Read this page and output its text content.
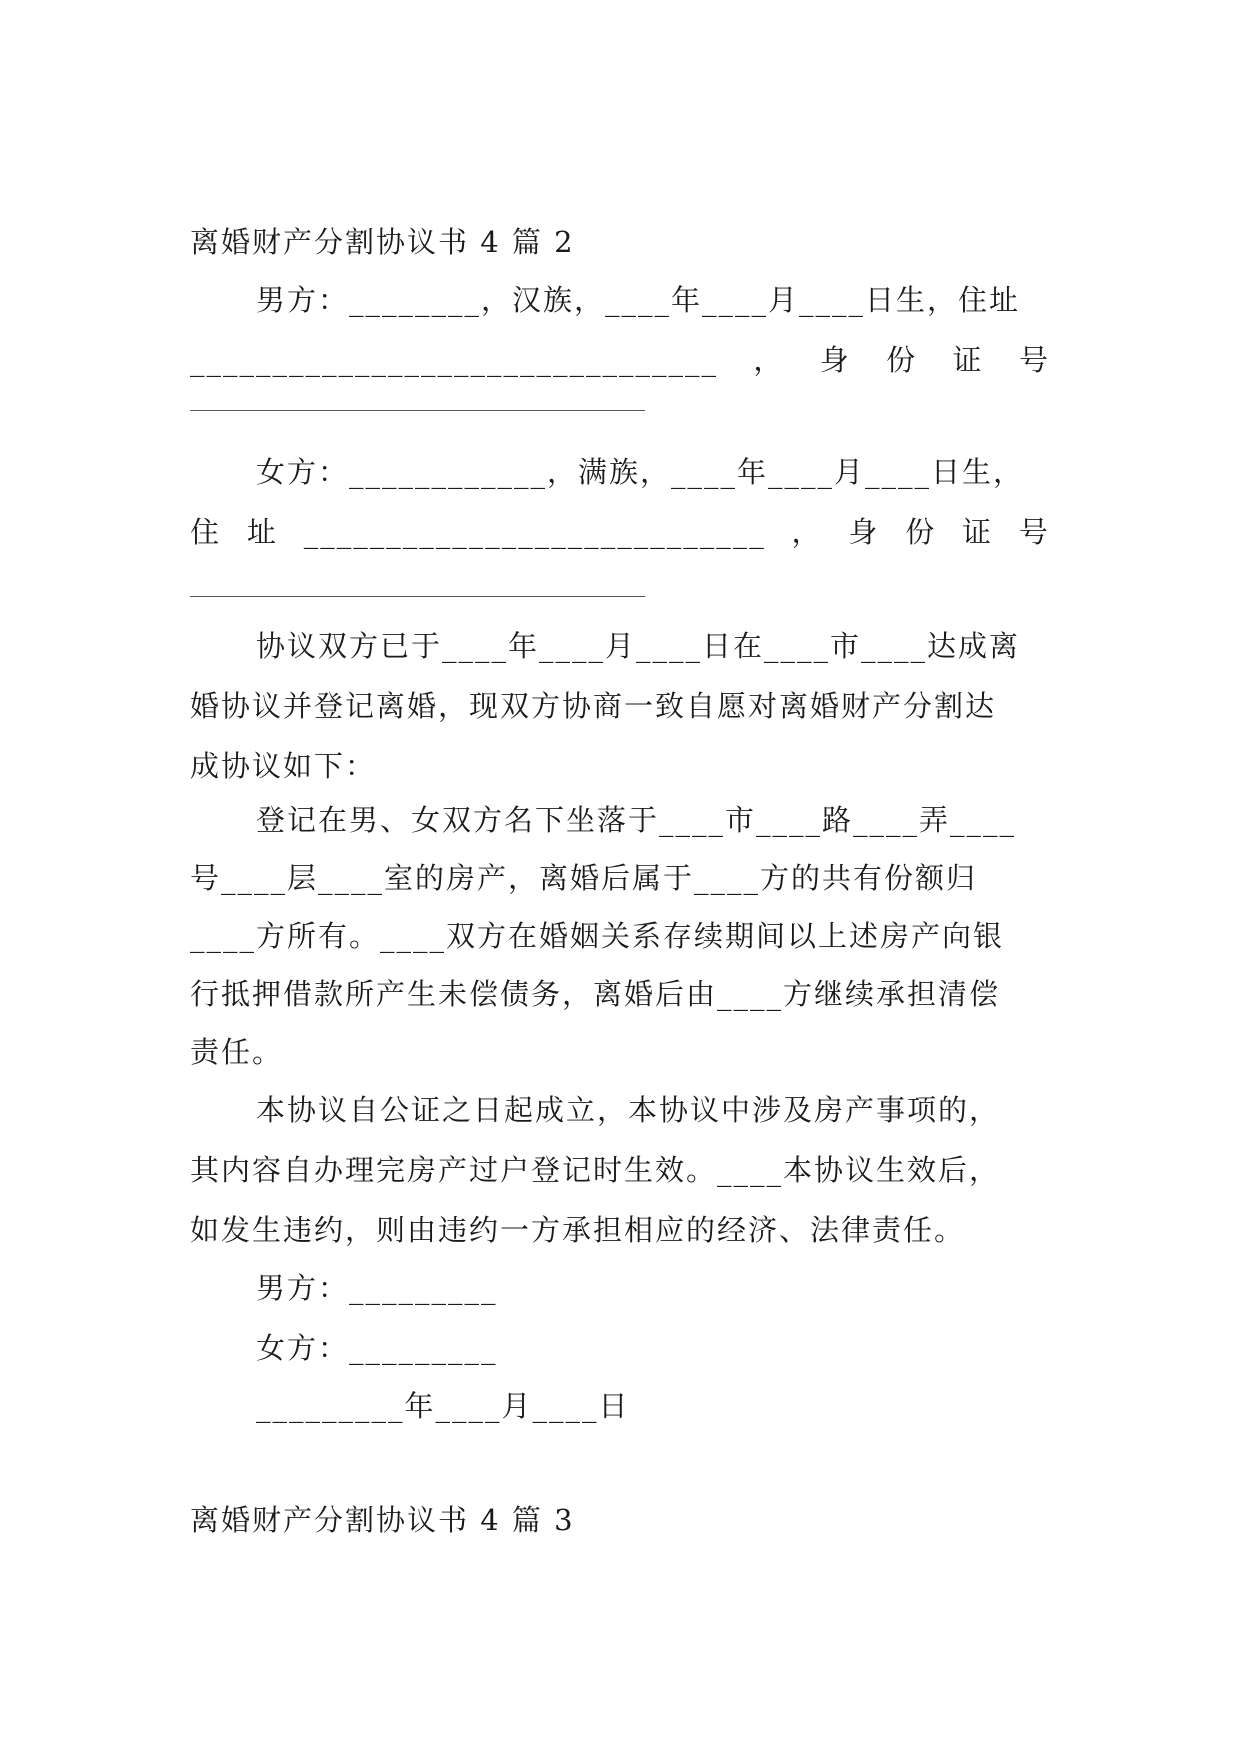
离婚财产分割协议书 4 篇 2
男方：________，汉族，____年____月____日生，住址
________________________________ ， 身 份 证 号
女方：____________，满族，____年____月____日生，
住 址 ____________________________ ， 身 份 证 号
协议双方已于____年____月____日在____市____达成离
婚协议并登记离婚，现双方协商一致自愿对离婚财产分割达
成协议如下：
登记在男、女双方名下坐落于____市____路____弄____
号____层____室的房产，离婚后属于____方的共有份额归
____方所有。____双方在婚姻关系存续期间以上述房产向银
行抵押借款所产生未偿债务，离婚后由____方继续承担清偿
责任。
本协议自公证之日起成立，本协议中涉及房产事项的，
其内容自办理完房产过户登记时生效。____本协议生效后，
如发生违约，则由违约一方承担相应的经济、法律责任。
男方：_________
女方：_________
_________年____月____日
离婚财产分割协议书 4 篇 3
